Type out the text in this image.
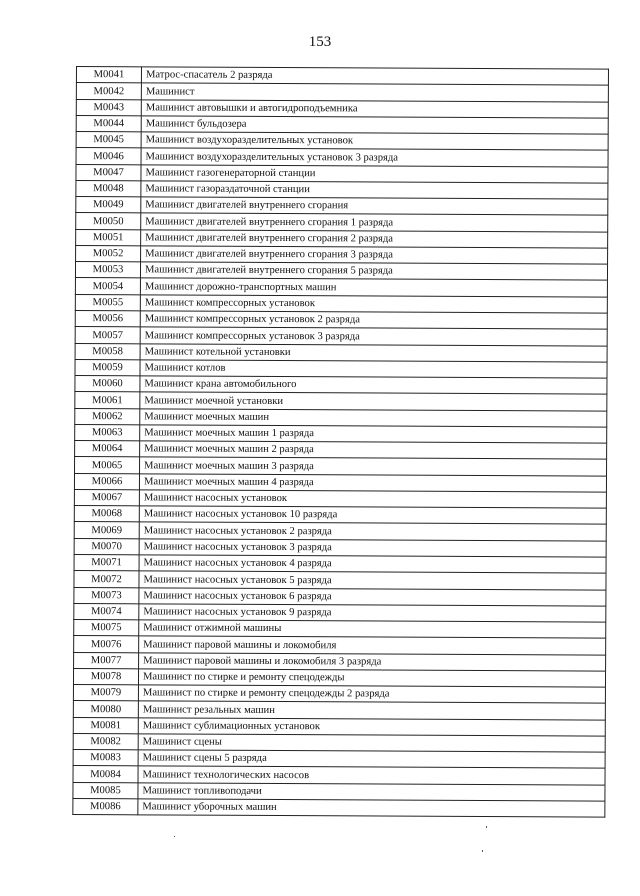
153
M0041	Матрос-спасатель 2 разряда
M0042	Машинист
M0043	Машинист автовышки и автогидроподъемника
M0044	Машинист бульдозера
M0045	Машинист воздухоразделительных установок
M0046	Машинист воздухоразделительных установок 3 разряда
M0047	Машинист газогенераторной станции
M0048	Машинист газораздаточной станции
M0049	Машинист двигателей внутреннего сгорания
M0050	Машинист двигателей внутреннего сгорания 1 разряда
M0051	Машинист двигателей внутреннего сгорания 2 разряда
M0052	Машинист двигателей внутреннего сгорания 3 разряда
M0053	Машинист двигателей внутреннего сгорания 5 разряда
M0054	Машинист дорожно-транспортных машин
M0055	Машинист компрессорных установок
M0056	Машинист компрессорных установок 2 разряда
M0057	Машинист компрессорных установок 3 разряда
M0058	Машинист котельной установки
M0059	Машинист котлов
M0060	Машинист крана автомобильного
M0061	Машинист моечной установки
M0062	Машинист моечных машин
M0063	Машинист моечных машин 1 разряда
M0064	Машинист моечных машин 2 разряда
M0065	Машинист моечных машин 3 разряда
M0066	Машинист моечных машин 4 разряда
M0067	Машинист насосных установок
M0068	Машинист насосных установок 10 разряда
M0069	Машинист насосных установок 2 разряда
M0070	Машинист насосных установок 3 разряда
M0071	Машинист насосных установок 4 разряда
M0072	Машинист насосных установок 5 разряда
M0073	Машинист насосных установок 6 разряда
M0074	Машинист насосных установок 9 разряда
M0075	Машинист отжимной машины
M0076	Машинист паровой машины и локомобиля
M0077	Машинист паровой машины и локомобиля 3 разряда
M0078	Машинист по стирке и ремонту спецодежды
M0079	Машинист по стирке и ремонту спецодежды 2 разряда
M0080	Машинист резальных машин
M0081	Машинист сублимационных установок
M0082	Машинист сцены
M0083	Машинист сцены 5 разряда
M0084	Машинист технологических насосов
M0085	Машинист топливоподачи
M0086	Машинист уборочных машин
